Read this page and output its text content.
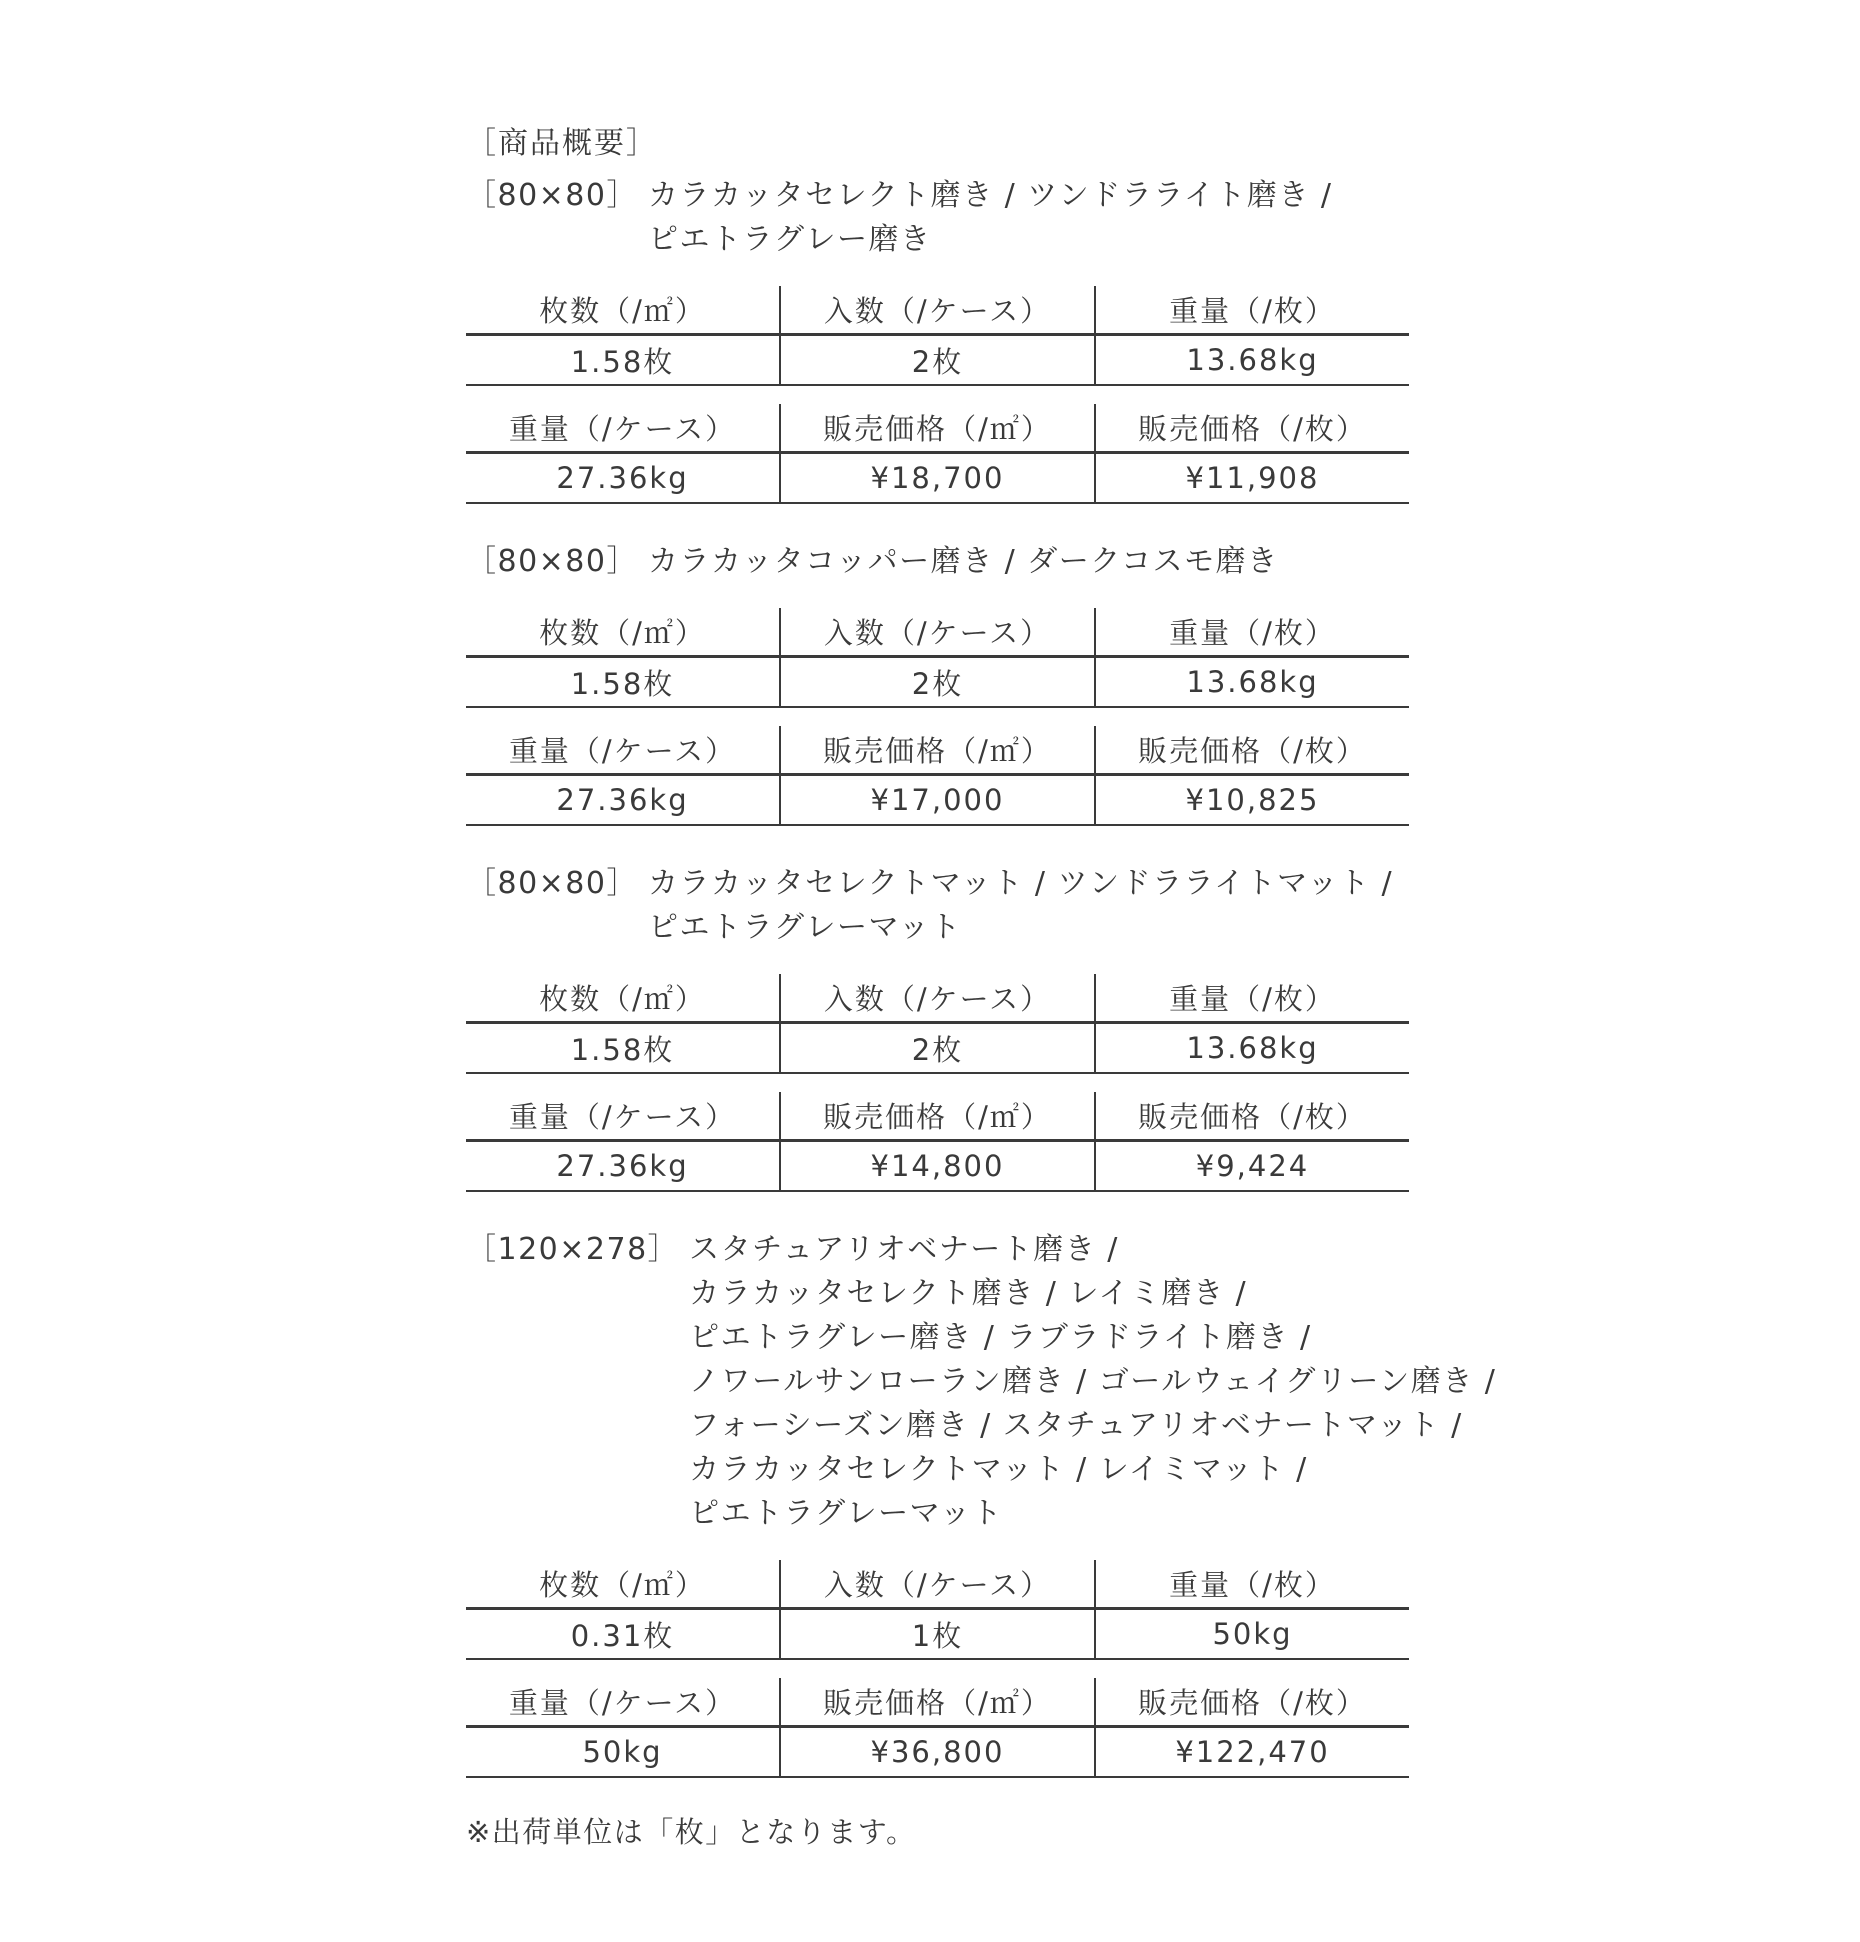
［商品概要］
［80×80］ カラカッタセレクト磨き / ツンドラライト磨き /
ピエトラグレー磨き
枚数（/㎡）	入数（/ケース）	重量（/枚）
1.58枚	2枚	13.68kg
重量（/ケース）	販売価格（/㎡）	販売価格（/枚）
27.36kg	¥18,700	¥11,908
［80×80］ カラカッタコッパー磨き / ダークコスモ磨き
枚数（/㎡）	入数（/ケース）	重量（/枚）
1.58枚	2枚	13.68kg
重量（/ケース）	販売価格（/㎡）	販売価格（/枚）
27.36kg	¥17,000	¥10,825
［80×80］ カラカッタセレクトマット / ツンドラライトマット /
ピエトラグレーマット
枚数（/㎡）	入数（/ケース）	重量（/枚）
1.58枚	2枚	13.68kg
重量（/ケース）	販売価格（/㎡）	販売価格（/枚）
27.36kg	¥14,800	¥9,424
［120×278］ スタチュアリオベナート磨き /
カラカッタセレクト磨き / レイミ磨き /
ピエトラグレー磨き / ラブラドライト磨き /
ノワールサンローラン磨き / ゴールウェイグリーン磨き /
フォーシーズン磨き / スタチュアリオベナートマット /
カラカッタセレクトマット / レイミマット /
ピエトラグレーマット
枚数（/㎡）	入数（/ケース）	重量（/枚）
0.31枚	1枚	50kg
重量（/ケース）	販売価格（/㎡）	販売価格（/枚）
50kg	¥36,800	¥122,470
※出荷単位は「枚」となります。
